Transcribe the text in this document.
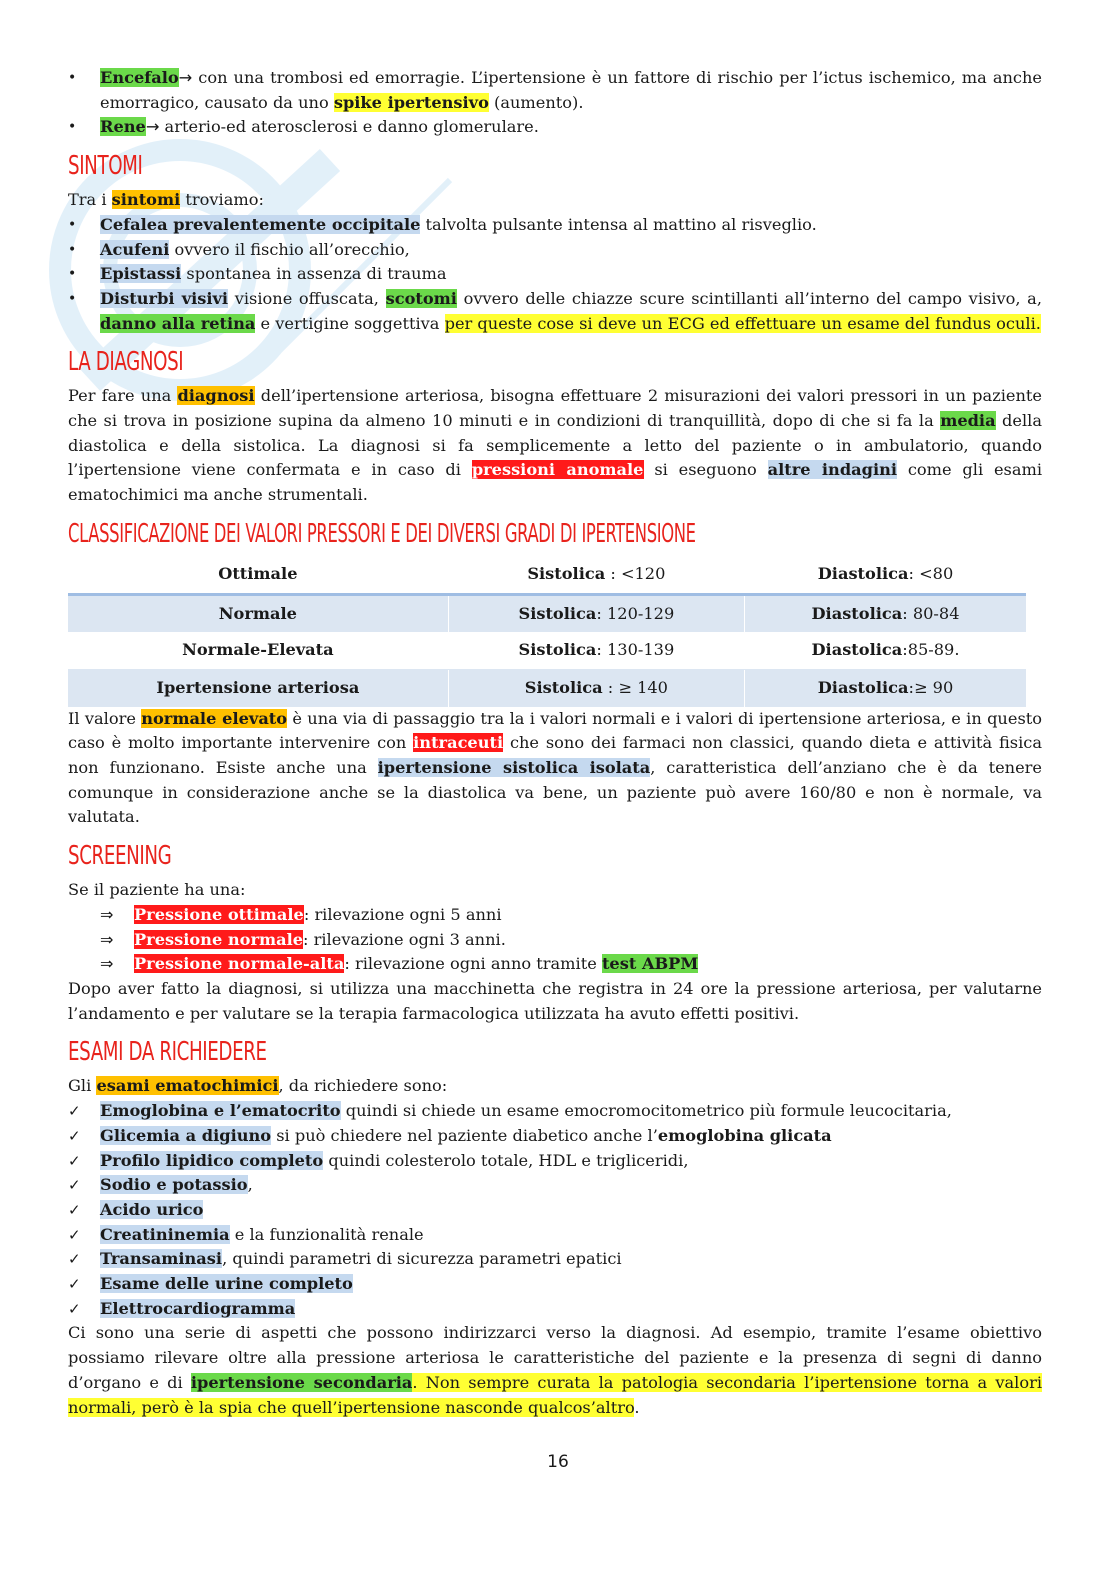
• Encefalo→ con una trombosi ed emorragie. L’ipertensione è un fattore di rischio per l’ictus ischemico, ma anche emorragico, causato da uno spike ipertensivo (aumento).
• Rene→ arterio-ed aterosclerosi e danno glomerulare.
SINTOMI

Tra i sintomi troviamo:

• Cefalea prevalentemente occipitale talvolta pulsante intensa al mattino al risveglio.
• Acufeni ovvero il fischio all’orecchio,
• Epistassi spontanea in assenza di trauma
• Disturbi visivi visione offuscata, scotomi ovvero delle chiazze scure scintillanti all’interno del campo visivo, a, danno alla retina e vertigine soggettiva per queste cose si deve un ECG ed effettuare un esame del fundus oculi.
LA DIAGNOSI

Per fare una diagnosi dell’ipertensione arteriosa, bisogna effettuare 2 misurazioni dei valori pressori in un paziente che si trova in posizione supina da almeno 10 minuti e in condizioni di tranquillità, dopo di che si fa la media della diastolica e della sistolica. La diagnosi si fa semplicemente a letto del paziente o in ambulatorio, quando l’ipertensione viene confermata e in caso di pressioni anomale si eseguono altre indagini come gli esami ematochimici ma anche strumentali.

CLASSIFICAZIONE DEI VALORI PRESSORI E DEI DIVERSI GRADI DI IPERTENSIONE
Ottimale	Sistolica : <120	Diastolica: <80
Normale	Sistolica: 120-129	Diastolica: 80-84
Normale-Elevata	Sistolica: 130-139	Diastolica:85-89.
Ipertensione arteriosa	Sistolica : ≥ 140	Diastolica:≥ 90

Il valore normale elevato è una via di passaggio tra la i valori normali e i valori di ipertensione arteriosa, e in questo caso è molto importante intervenire con intraceuti che sono dei farmaci non classici, quando dieta e attività fisica non funzionano. Esiste anche una ipertensione sistolica isolata, caratteristica dell’anziano che è da tenere comunque in considerazione anche se la diastolica va bene, un paziente può avere 160/80 e non è normale, va valutata.

SCREENING

Se il paziente ha una:

⇒ Pressione ottimale: rilevazione ogni 5 anni
⇒ Pressione normale: rilevazione ogni 3 anni.
⇒ Pressione normale-alta: rilevazione ogni anno tramite test ABPM

Dopo aver fatto la diagnosi, si utilizza una macchinetta che registra in 24 ore la pressione arteriosa, per valutarne l’andamento e per valutare se la terapia farmacologica utilizzata ha avuto effetti positivi.

ESAMI DA RICHIEDERE

Gli esami ematochimici, da richiedere sono:

✓ Emoglobina e l’ematocrito quindi si chiede un esame emocromocitometrico più formule leucocitaria,
✓ Glicemia a digiuno si può chiedere nel paziente diabetico anche l’emoglobina glicata
✓ Profilo lipidico completo quindi colesterolo totale, HDL e trigliceridi,
✓ Sodio e potassio,
✓ Acido urico
✓ Creatininemia e la funzionalità renale
✓ Transaminasi, quindi parametri di sicurezza parametri epatici
✓ Esame delle urine completo
✓ Elettrocardiogramma

Ci sono una serie di aspetti che possono indirizzarci verso la diagnosi. Ad esempio, tramite l’esame obiettivo possiamo rilevare oltre alla pressione arteriosa le caratteristiche del paziente e la presenza di segni di danno d’organo e di ipertensione secondaria. Non sempre curata la patologia secondaria l’ipertensione torna a valori normali, però è la spia che quell’ipertensione nasconde qualcos’altro.

16
